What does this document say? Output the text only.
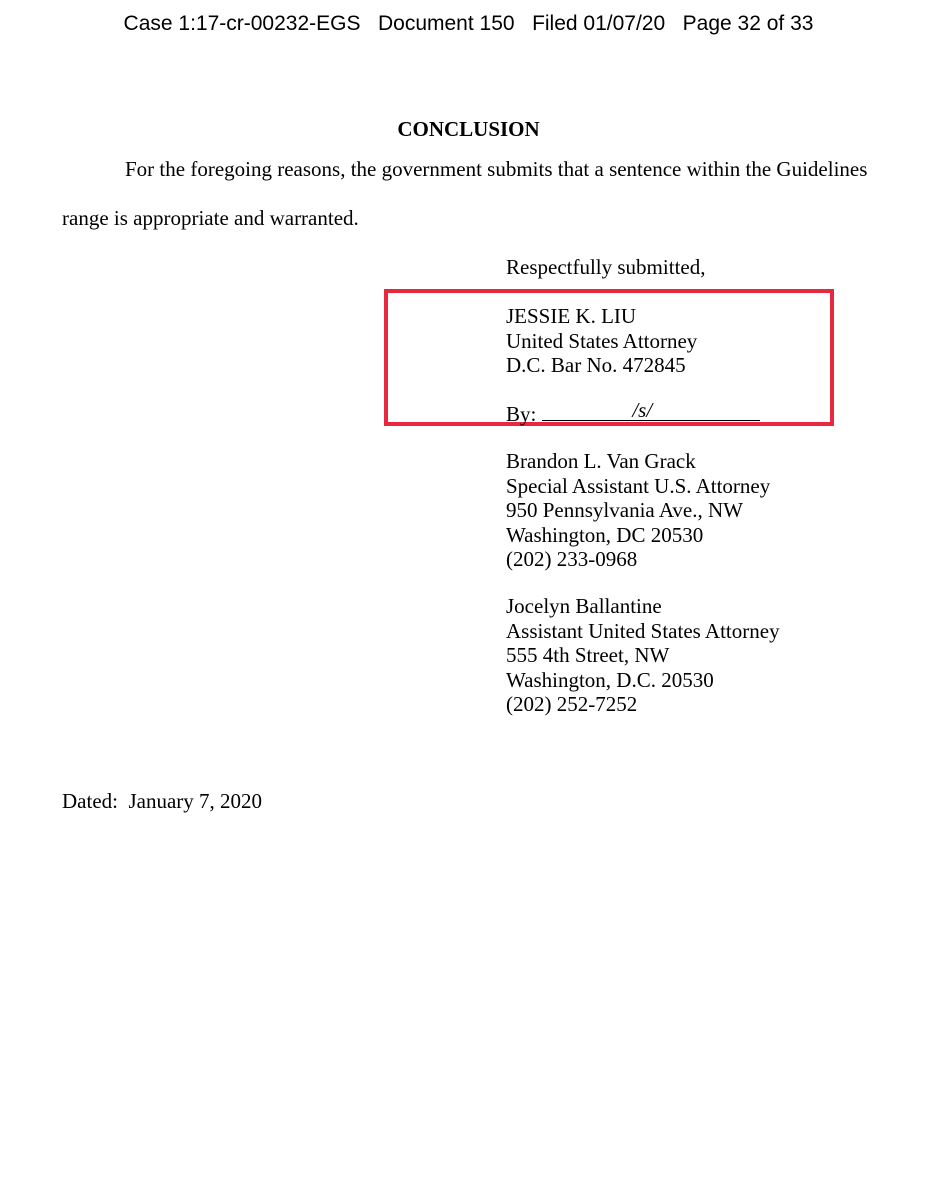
Case 1:17-cr-00232-EGS   Document 150   Filed 01/07/20   Page 32 of 33
CONCLUSION
For the foregoing reasons, the government submits that a sentence within the Guidelines
range is appropriate and warranted.
Respectfully submitted,
JESSIE K. LIU
United States Attorney
D.C. Bar No. 472845
By:	/s/
Brandon L. Van Grack
Special Assistant U.S. Attorney
950 Pennsylvania Ave., NW
Washington, DC 20530
(202) 233-0968
Jocelyn Ballantine
Assistant United States Attorney
555 4th Street, NW
Washington, D.C. 20530
(202) 252-7252
Dated:  January 7, 2020
